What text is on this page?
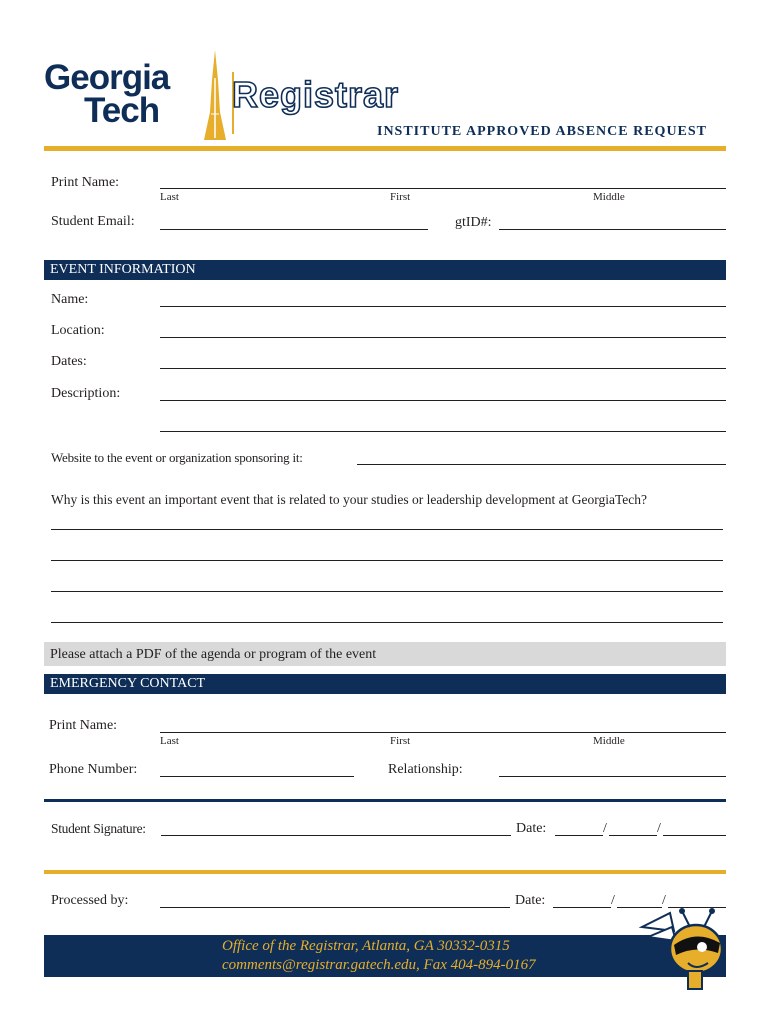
Georgia
Tech Registrar
INSTITUTE APPROVED ABSENCE REQUEST
Print Name:
Last	First	Middle
Student Email:	gtID#:
EVENT INFORMATION
Name:
Location:
Dates:
Description:
Website to the event or organization sponsoring it:
Why is this event an important event that is related to your studies or leadership development at GeorgiaTech?
Please attach a PDF of the agenda or program of the event
EMERGENCY CONTACT
Print Name:
Last	First	Middle
Phone Number:	Relationship:
Student Signature:	Date:	/	/
Processed by:	Date:	/	/
Office of the Registrar, Atlanta, GA 30332-0315
comments@registrar.gatech.edu, Fax 404-894-0167
